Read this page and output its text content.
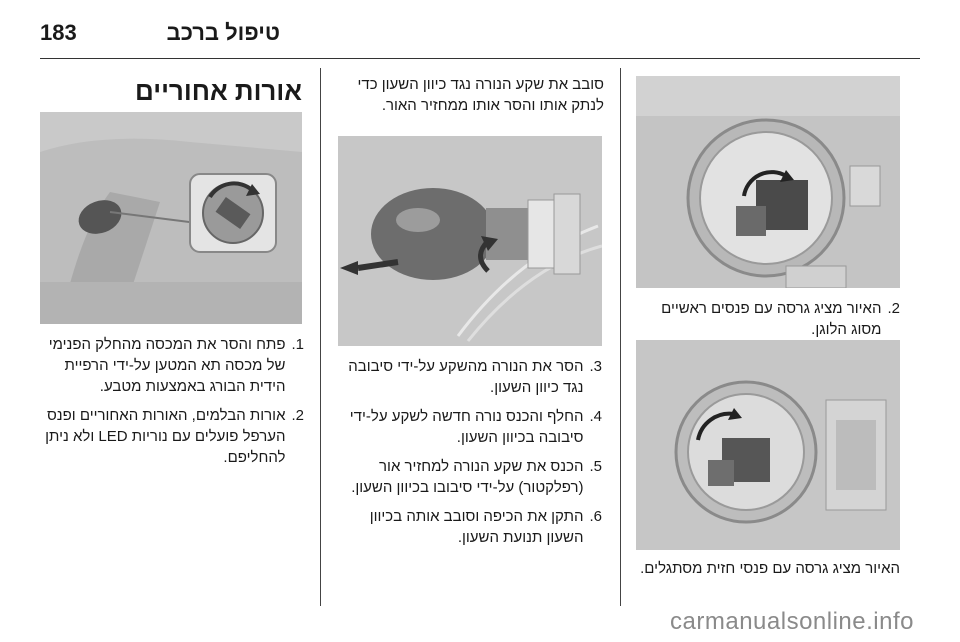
183	טיפול ברכב
אורות אחוריים
1.
פתח והסר את המכסה מהחלק הפנימי של מכסה תא המטען על-ידי הרפיית הידית הבורג באמצעות מטבע.
2.
אורות הבלמים, האורות האחוריים ופנס הערפל פועלים עם נוריות LED ולא ניתן להחליפם.
סובב את שקע הנורה נגד כיוון השעון כדי לנתק אותו והסר אותו ממחזיר האור.
3.
הסר את הנורה מהשקע על-ידי סיבובה נגד כיוון השעון.
4.
החלף והכנס נורה חדשה לשקע על-ידי סיבובה בכיוון השעון.
5.
הכנס את שקע הנורה למחזיר אור (רפלקטור) על-ידי סיבובו בכיוון השעון.
6.
התקן את הכיפה וסובב אותה בכיוון השעון תנועת השעון.
2.
האיור מציג גרסה עם פנסים ראשיים מסוג הלוגן.
האיור מציג גרסה עם פנסי חזית מסתגלים.
carmanualsonline.info
